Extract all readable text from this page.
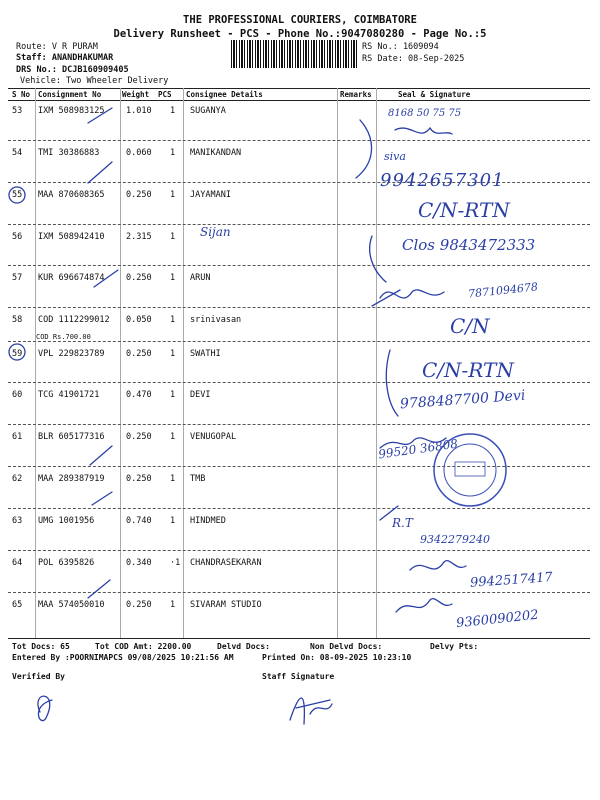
THE PROFESSIONAL COURIERS, COIMBATORE
Delivery Runsheet - PCS - Phone No.:9047080280 - Page No.:5
Route: V R PURAM
Staff: ANANDHAKUMAR
DRS No.: DCJB160909405
Vehicle: Two Wheeler Delivery
RS No.: 1609094
RS Date: 08-Sep-2025
S No Consignment No	Weight PCS Consignee Details	Remarks	Seal & Signature
53 IXM 508983125	1.010 1 SUGANYA
54 TMI 30386883	0.060 1 MANIKANDAN
55 MAA 870608365	0.250 1 JAYAMANI
56 IXM 508942410	2.315 1
57 KUR 696674874	0.250 1 ARUN
58 COD 1112299012 0.050 1 srinivasan
59 VPL 229823789	0.250 1 SWATHI
60 TCG 41901721	0.470 1 DEVI
61 BLR 605177316	0.250 1 VENUGOPAL
62 MAA 289387919	0.250 1 TMB
63 UMG 1001956	0.740 1 HINDMED
64 POL 6395826	0.340 ·1 CHANDRASEKARAN
65 MAA 574050010	0.250 1 SIVARAM STUDIO
COD Rs.700.00
Tot Docs: 65	Tot COD Amt: 2200.00	Delvd Docs:	Non Delvd Docs:	Delvy Pts:
Entered By :POORNIMAPCS 09/08/2025 10:21:56 AM	Printed On: 08-09-2025 10:23:10
Verified By	Staff Signature
8168 50 75 75
siva
9942657301
C/N-RTN
Sijan
Clos 9843472333
7871094678
C/N
C/N-RTN
9788487700 Devi
99520 36808
R.T
9342279240
9942517417
9360090202
